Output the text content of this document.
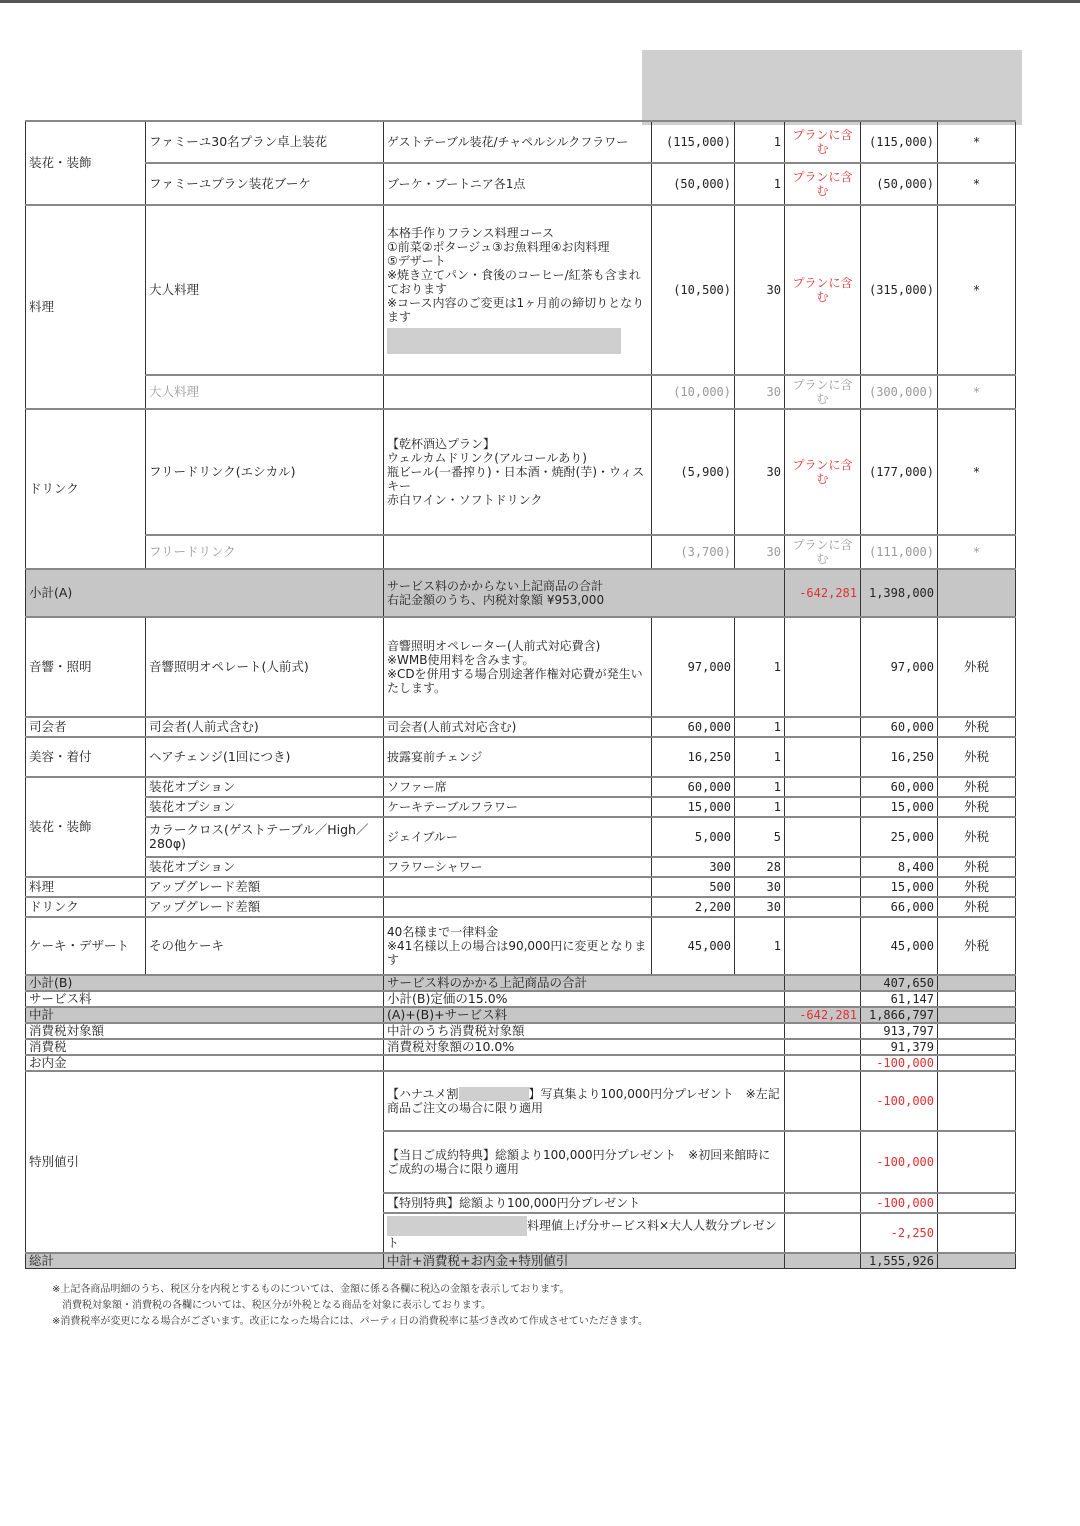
装花・装飾	ファミーユ30名プラン卓上装花	ゲストテーブル装花/チャペルシルクフラワー	(115,000)	1	プランに含む	(115,000)	*
	ファミーユプラン装花ブーケ	ブーケ・ブートニア各1点	(50,000)	1	プランに含む	(50,000)	*
料理	大人料理	本格手作りフランス料理コース
①前菜②ポタージュ③お魚料理④お肉料理
⑤デザート
※焼き立てパン・食後のコーヒー/紅茶も含まれております
※コース内容のご変更は1ヶ月前の締切りとなります	(10,500)	30	プランに含む	(315,000)	*
	大人料理		(10,000)	30	プランに含む	(300,000)	*
ドリンク	フリードリンク(エシカル)	【乾杯酒込プラン】
ウェルカムドリンク(アルコールあり)
瓶ビール(一番搾り)・日本酒・焼酎(芋)・ウィスキー
赤白ワイン・ソフトドリンク	(5,900)	30	プランに含む	(177,000)	*
	フリードリンク		(3,700)	30	プランに含む	(111,000)	*
小計(A)		サービス料のかからない上記商品の合計
右記金額のうち、内税対象額 ¥953,000			-642,281	1,398,000	
音響・照明	音響照明オペレート(人前式)	音響照明オペレーター(人前式対応費含)
※WMB使用料を含みます。
※CDを併用する場合別途著作権対応費が発生いたします。	97,000	1		97,000	外税
司会者	司会者(人前式含む)	司会者(人前式対応含む)	60,000	1		60,000	外税
美容・着付	ヘアチェンジ(1回につき)	披露宴前チェンジ	16,250	1		16,250	外税
装花・装飾	装花オプション	ソファー席	60,000	1		60,000	外税
	装花オプション	ケーキテーブルフラワー	15,000	1		15,000	外税
	カラークロス(ゲストテーブル／High／280φ)	ジェイブルー	5,000	5		25,000	外税
	装花オプション	フラワーシャワー	300	28		8,400	外税
料理	アップグレード差額		500	30		15,000	外税
ドリンク	アップグレード差額		2,200	30		66,000	外税
ケーキ・デザート	その他ケーキ	40名様まで一律料金
※41名様以上の場合は90,000円に変更となります	45,000	1		45,000	外税
小計(B)		サービス料のかかる上記商品の合計				407,650	
サービス料		小計(B)定価の15.0%				61,147	
中計		(A)+(B)+サービス料			-642,281	1,866,797	
消費税対象額		中計のうち消費税対象額				913,797	
消費税		消費税対象額の10.0%				91,379	
お内金						-100,000	
特別値引		【ハナユメ割 】写真集より100,000円分プレゼント　※左記商品ご注文の場合に限り適用				-100,000	
		【当日ご成約特典】総額より100,000円分プレゼント　※初回来館時にご成約の場合に限り適用				-100,000	
		【特別特典】総額より100,000円分プレゼント				-100,000	
		料理値上げ分サービス料×大人人数分プレゼント				-2,250	
総計		中計+消費税+お内金+特別値引				1,555,926	
※上記各商品明細のうち、税区分を内税とするものについては、金額に係る各欄に税込の金額を表示しております。
　消費税対象額・消費税の各欄については、税区分が外税となる商品を対象に表示しております。
※消費税率が変更になる場合がございます。改正になった場合には、パーティ日の消費税率に基づき改めて作成させていただきます。
